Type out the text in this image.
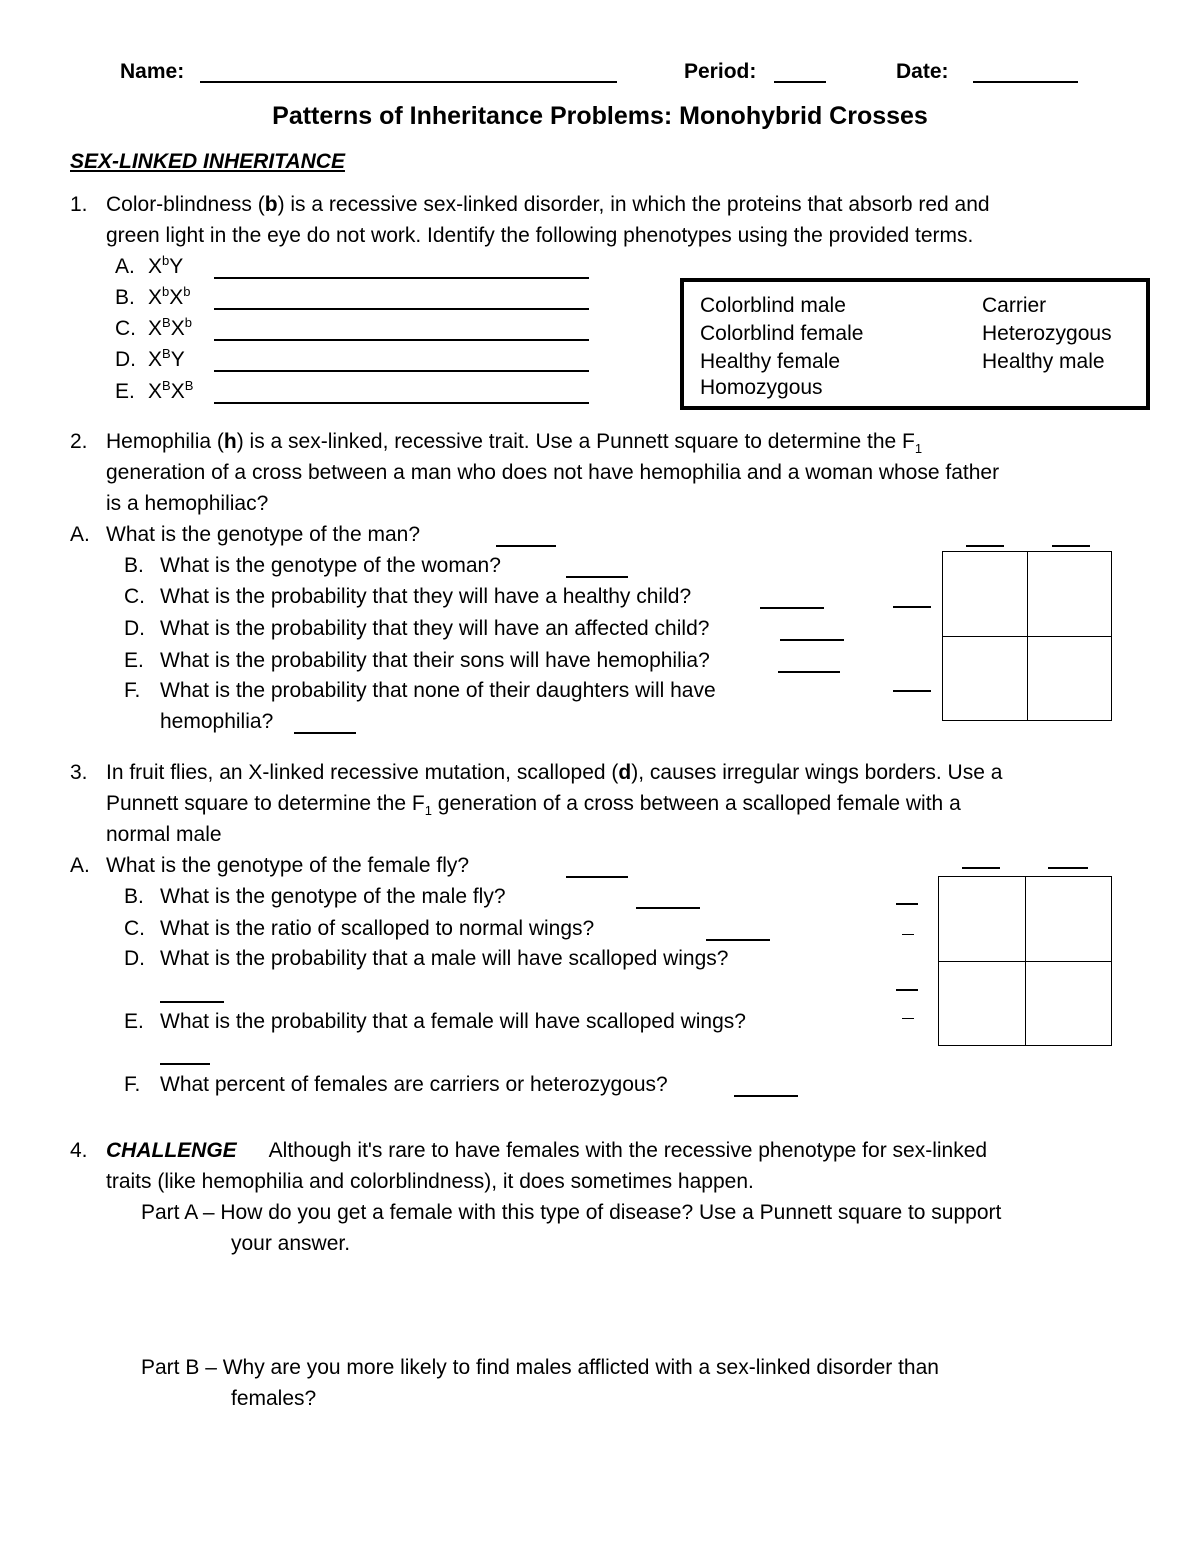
Name:	Period:	Date:
Patterns of Inheritance Problems: Monohybrid Crosses
SEX-LINKED INHERITANCE
1. Color-blindness (b) is a recessive sex-linked disorder, in which the proteins that absorb red and
green light in the eye do not work. Identify the following phenotypes using the provided terms.
A. $X^bY$
B. $X^bX^b$
C. $X^BX^b$
D. $X^BY$
E. $X^BX^B$
Colorblind male
Colorblind female
Healthy female
Homozygous
Carrier
Heterozygous
Healthy male
2. Hemophilia (h) is a sex-linked, recessive trait. Use a Punnett square to determine the $F_1$
generation of a cross between a man who does not have hemophilia and a woman whose father
is a hemophiliac?
A. What is the genotype of the man?
B. What is the genotype of the woman?
C. What is the probability that they will have a healthy child?
D. What is the probability that they will have an affected child?
E. What is the probability that their sons will have hemophilia?
F. What is the probability that none of their daughters will have
hemophilia?
3. In fruit flies, an X-linked recessive mutation, scalloped (d), causes irregular wings borders. Use a
Punnett square to determine the $F_1$ generation of a cross between a scalloped female with a
normal male
A. What is the genotype of the female fly?
B. What is the genotype of the male fly?
C. What is the ratio of scalloped to normal wings?
D. What is the probability that a male will have scalloped wings?
E. What is the probability that a female will have scalloped wings?
F. What percent of females are carriers or heterozygous?
4. CHALLENGE Although it's rare to have females with the recessive phenotype for sex-linked
traits (like hemophilia and colorblindness), it does sometimes happen.
Part A – How do you get a female with this type of disease? Use a Punnett square to support
your answer.
Part B – Why are you more likely to find males afflicted with a sex-linked disorder than
females?
